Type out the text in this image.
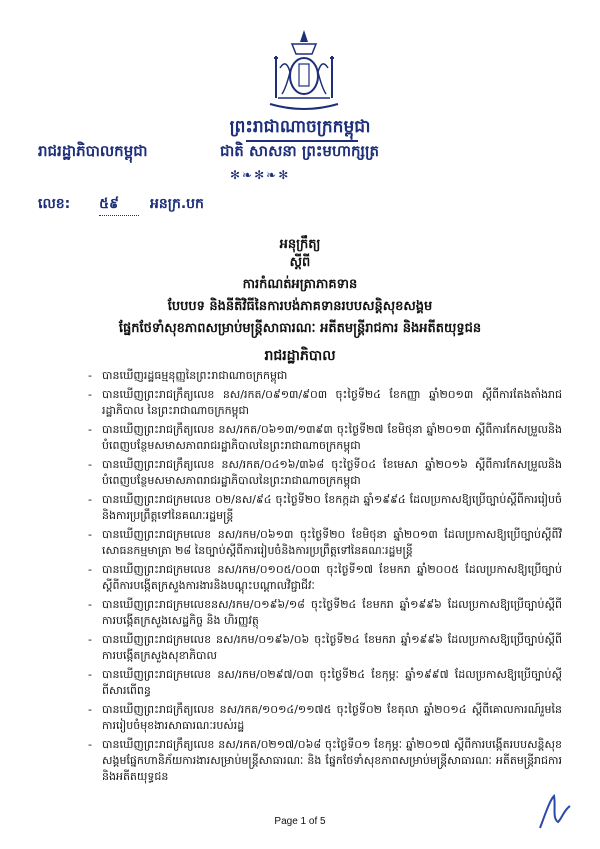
ព្រះរាជាណាចក្រកម្ពុជា
រាជរដ្ឋាភិបាលកម្ពុជា	ជាតិ សាសនា ព្រះមហាក្សត្រ
✻❧✻❧✻
លេខ: ៥៩ អនក្រ.បក
អនុក្រឹត្យ
ស្តីពី
ការកំណត់អត្រាភាគទាន
បែបបទ និងនីតិវិធីនៃការបង់ភាគទានរបបសន្តិសុខសង្គម
ផ្នែកថែទាំសុខភាពសម្រាប់មន្ត្រីសាធារណៈ អតីតមន្ត្រីរាជការ និងអតីតយុទ្ធជន
រាជរដ្ឋាភិបាល
- បានឃើញរដ្ឋធម្មនុញ្ញនៃព្រះរាជាណាចក្រកម្ពុជា
- បានឃើញព្រះរាជក្រឹត្យលេខ នស/រកត/០៩១៣/៩០៣ ចុះថ្ងៃទី២៤ ខែកញ្ញា ឆ្នាំ២០១៣ ស្តីពីការតែងតាំងរាជរដ្ឋាភិបាល នៃព្រះរាជាណាចក្រកម្ពុជា
- បានឃើញព្រះរាជក្រឹត្យលេខ នស/រកត/០៦១៣/១៣៩៣ ចុះថ្ងៃទី២៧ ខែមិថុនា ឆ្នាំ២០១៣ ស្តីពីការកែសម្រួលនិងបំពេញបន្ថែមសមាសភាពរាជរដ្ឋាភិបាលនៃព្រះរាជាណាចក្រកម្ពុជា
- បានឃើញព្រះរាជក្រឹត្យលេខ នស/រកត/០៤១៦/៣៦៨ ចុះថ្ងៃទី០៤ ខែមេសា ឆ្នាំ២០១៦ ស្តីពីការកែសម្រួលនិងបំពេញបន្ថែមសមាសភាពរាជរដ្ឋាភិបាលនៃព្រះរាជាណាចក្រកម្ពុជា
- បានឃើញព្រះរាជក្រមលេខ ០២/នស/៩៤ ចុះថ្ងៃទី២០ ខែកក្កដា ឆ្នាំ១៩៩៤ ដែលប្រកាសឱ្យប្រើច្បាប់ស្តីពីការរៀបចំ និងការប្រព្រឹត្តទៅនៃគណៈរដ្ឋមន្ត្រី
- បានឃើញព្រះរាជក្រមលេខ នស/រកម/០៦១៣ ចុះថ្ងៃទី២០ ខែមិថុនា ឆ្នាំ២០១៣ ដែលប្រកាសឱ្យប្រើច្បាប់ស្តីពីវិសោធនកម្មមាត្រា ២៨ នៃច្បាប់ស្តីពីការរៀបចំនិងការប្រព្រឹត្តទៅនៃគណៈរដ្ឋមន្ត្រី
- បានឃើញព្រះរាជក្រមលេខ នស/រកម/០១០៥/០០៣ ចុះថ្ងៃទី១៧ ខែមករា ឆ្នាំ២០០៥ ដែលប្រកាសឱ្យប្រើច្បាប់ស្តីពីការបង្កើតក្រសួងការងារនិងបណ្តុះបណ្តាលវិជ្ជាជីវៈ
- បានឃើញព្រះរាជក្រមលេខនស/រកម/០១៩៦/១៨ ចុះថ្ងៃទី២៤ ខែមករា ឆ្នាំ១៩៩៦ ដែលប្រកាសឱ្យប្រើច្បាប់ស្តីពីការបង្កើតក្រសួងសេដ្ឋកិច្ច និង ហិរញ្ញវត្ថុ
- បានឃើញព្រះរាជក្រមលេខ នស/រកម/០១៩៦/០៦ ចុះថ្ងៃទី២៤ ខែមករា ឆ្នាំ១៩៩៦ ដែលប្រកាសឱ្យប្រើច្បាប់ស្តីពីការបង្កើតក្រសួងសុខាភិបាល
- បានឃើញព្រះរាជក្រមលេខ នស/រកម/០២៩៧/០៣ ចុះថ្ងៃទី២៤ ខែកុម្ភៈ ឆ្នាំ១៩៩៧ ដែលប្រកាសឱ្យប្រើច្បាប់ស្តីពីសារពើពន្ធ
- បានឃើញព្រះរាជក្រឹត្យលេខ នស/រកត/១០១៤/១១៧៥ ចុះថ្ងៃទី០២ ខែតុលា ឆ្នាំ២០១៤ ស្តីពីគោលការណ៍រួមនៃការរៀបចំមុខងារសាធារណៈរបស់រដ្ឋ
- បានឃើញព្រះរាជក្រឹត្យលេខ នស/រកត/០២១៧/០៦៨ ចុះថ្ងៃទី០១ ខែកុម្ភៈ ឆ្នាំ២០១៧ ស្តីពីការបង្កើតរបបសន្តិសុខសង្គមផ្នែកហានិភ័យការងារសម្រាប់មន្ត្រីសាធារណៈ និង ផ្នែកថែទាំសុខភាពសម្រាប់មន្ត្រីសាធារណៈ អតីតមន្ត្រីរាជការ និងអតីតយុទ្ធជន
Page 1 of 5
